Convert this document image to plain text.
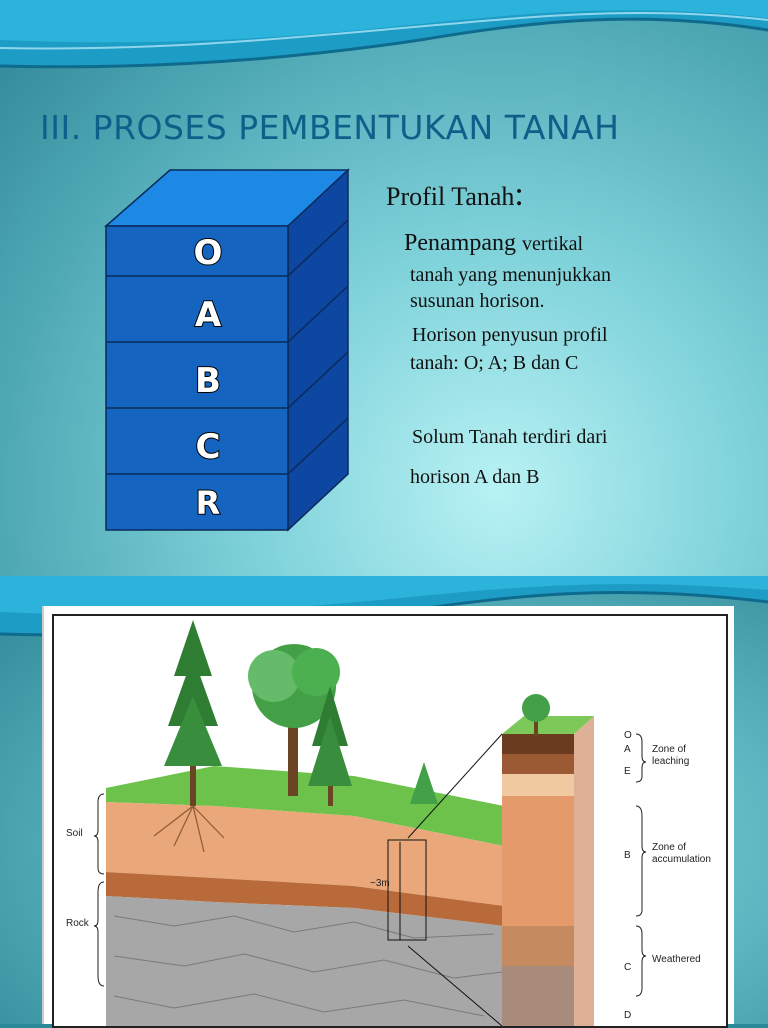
III. PROSES PEMBENTUKAN TANAH
O
A
B
C
R
Profil Tanah:
Penampang vertikal
tanah yang menunjukkan
susunan horison.
Horison penyusun profil
tanah: O; A; B dan C
Solum Tanah terdiri dari
horison A dan B
Soil
Rock
~3m
O
A
E
B
C
D
Zone of
leaching
Zone of
accumulation
Weathered
